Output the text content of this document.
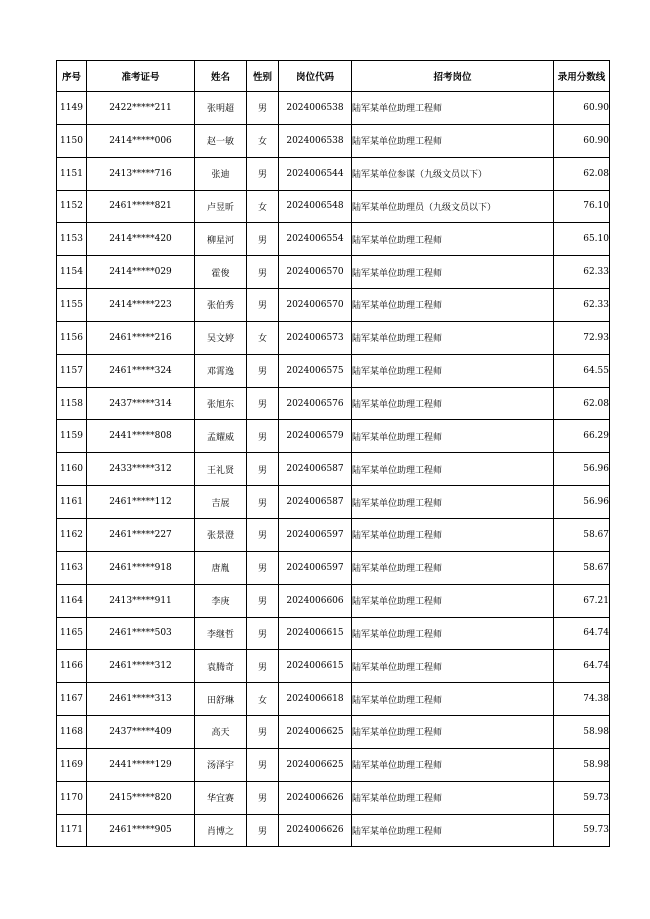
序号	准考证号	姓名	性别	岗位代码	招考岗位	录用分数线
1149	2422*****211	张明超	男	2024006538	陆军某单位助理工程师	60.90
1150	2414*****006	赵一敏	女	2024006538	陆军某单位助理工程师	60.90
1151	2413*****716	张迪	男	2024006544	陆军某单位参谋（九级文员以下）	62.08
1152	2461*****821	卢昱昕	女	2024006548	陆军某单位助理员（九级文员以下）	76.10
1153	2414*****420	柳星河	男	2024006554	陆军某单位助理工程师	65.10
1154	2414*****029	霍俊	男	2024006570	陆军某单位助理工程师	62.33
1155	2414*****223	张伯秀	男	2024006570	陆军某单位助理工程师	62.33
1156	2461*****216	吴文婷	女	2024006573	陆军某单位助理工程师	72.93
1157	2461*****324	邓霄逸	男	2024006575	陆军某单位助理工程师	64.55
1158	2437*****314	张旭东	男	2024006576	陆军某单位助理工程师	62.08
1159	2441*****808	孟耀威	男	2024006579	陆军某单位助理工程师	66.29
1160	2433*****312	王礼贤	男	2024006587	陆军某单位助理工程师	56.96
1161	2461*****112	吉展	男	2024006587	陆军某单位助理工程师	56.96
1162	2461*****227	张景澄	男	2024006597	陆军某单位助理工程师	58.67
1163	2461*****918	唐胤	男	2024006597	陆军某单位助理工程师	58.67
1164	2413*****911	李庚	男	2024006606	陆军某单位助理工程师	67.21
1165	2461*****503	李继哲	男	2024006615	陆军某单位助理工程师	64.74
1166	2461*****312	袁腾奇	男	2024006615	陆军某单位助理工程师	64.74
1167	2461*****313	田舒琳	女	2024006618	陆军某单位助理工程师	74.38
1168	2437*****409	高天	男	2024006625	陆军某单位助理工程师	58.98
1169	2441*****129	汤泽宇	男	2024006625	陆军某单位助理工程师	58.98
1170	2415*****820	华宜赛	男	2024006626	陆军某单位助理工程师	59.73
1171	2461*****905	肖博之	男	2024006626	陆军某单位助理工程师	59.73
